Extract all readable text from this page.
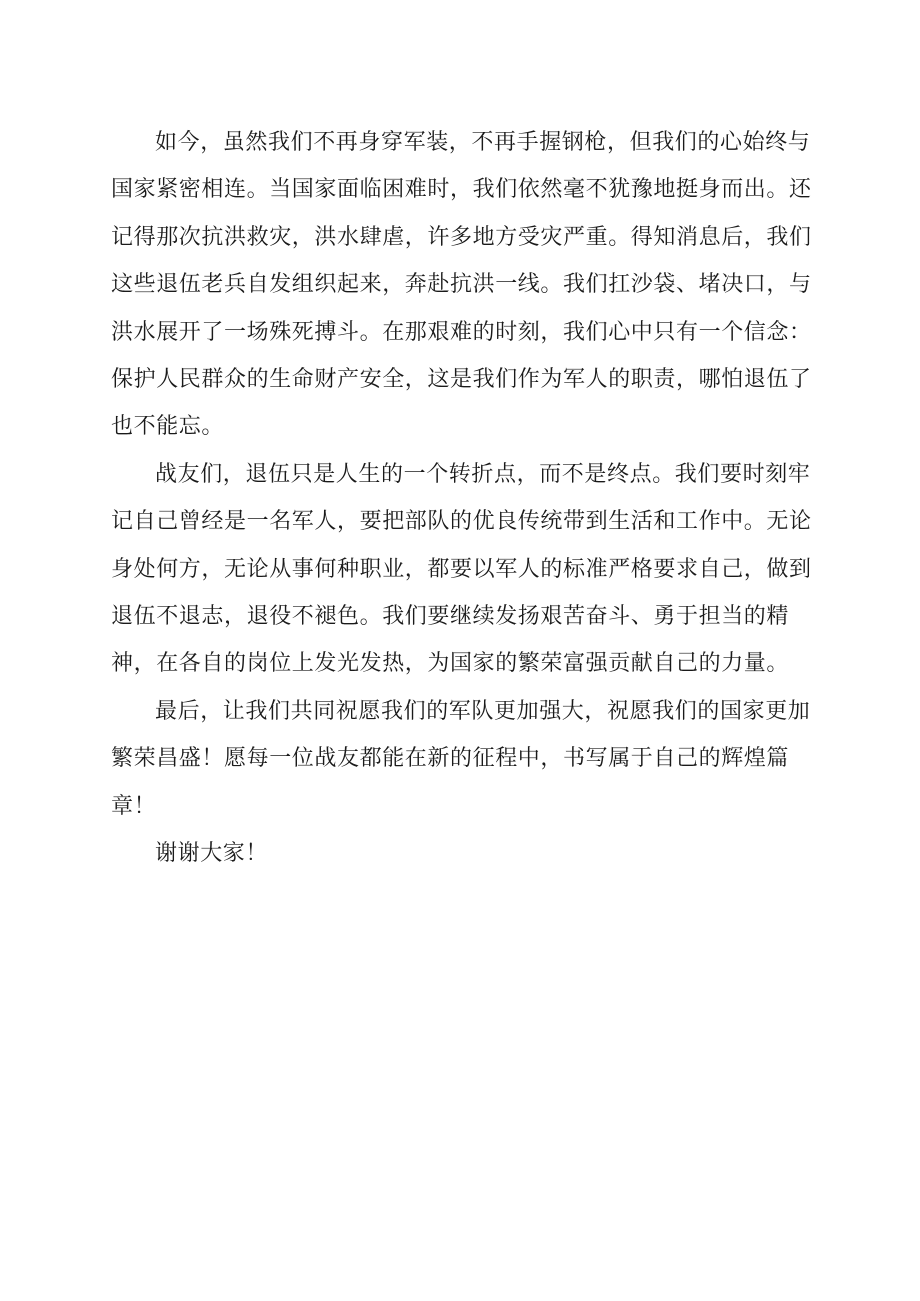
如今，虽然我们不再身穿军装，不再手握钢枪，但我们的心始终与国家紧密相连。当国家面临困难时，我们依然毫不犹豫地挺身而出。还记得那次抗洪救灾，洪水肆虐，许多地方受灾严重。得知消息后，我们这些退伍老兵自发组织起来，奔赴抗洪一线。我们扛沙袋、堵决口，与洪水展开了一场殊死搏斗。在那艰难的时刻，我们心中只有一个信念：保护人民群众的生命财产安全，这是我们作为军人的职责，哪怕退伍了也不能忘。

战友们，退伍只是人生的一个转折点，而不是终点。我们要时刻牢记自己曾经是一名军人，要把部队的优良传统带到生活和工作中。无论身处何方，无论从事何种职业，都要以军人的标准严格要求自己，做到退伍不退志，退役不褪色。我们要继续发扬艰苦奋斗、勇于担当的精神，在各自的岗位上发光发热，为国家的繁荣富强贡献自己的力量。

最后，让我们共同祝愿我们的军队更加强大，祝愿我们的国家更加繁荣昌盛！愿每一位战友都能在新的征程中，书写属于自己的辉煌篇章！

谢谢大家！
